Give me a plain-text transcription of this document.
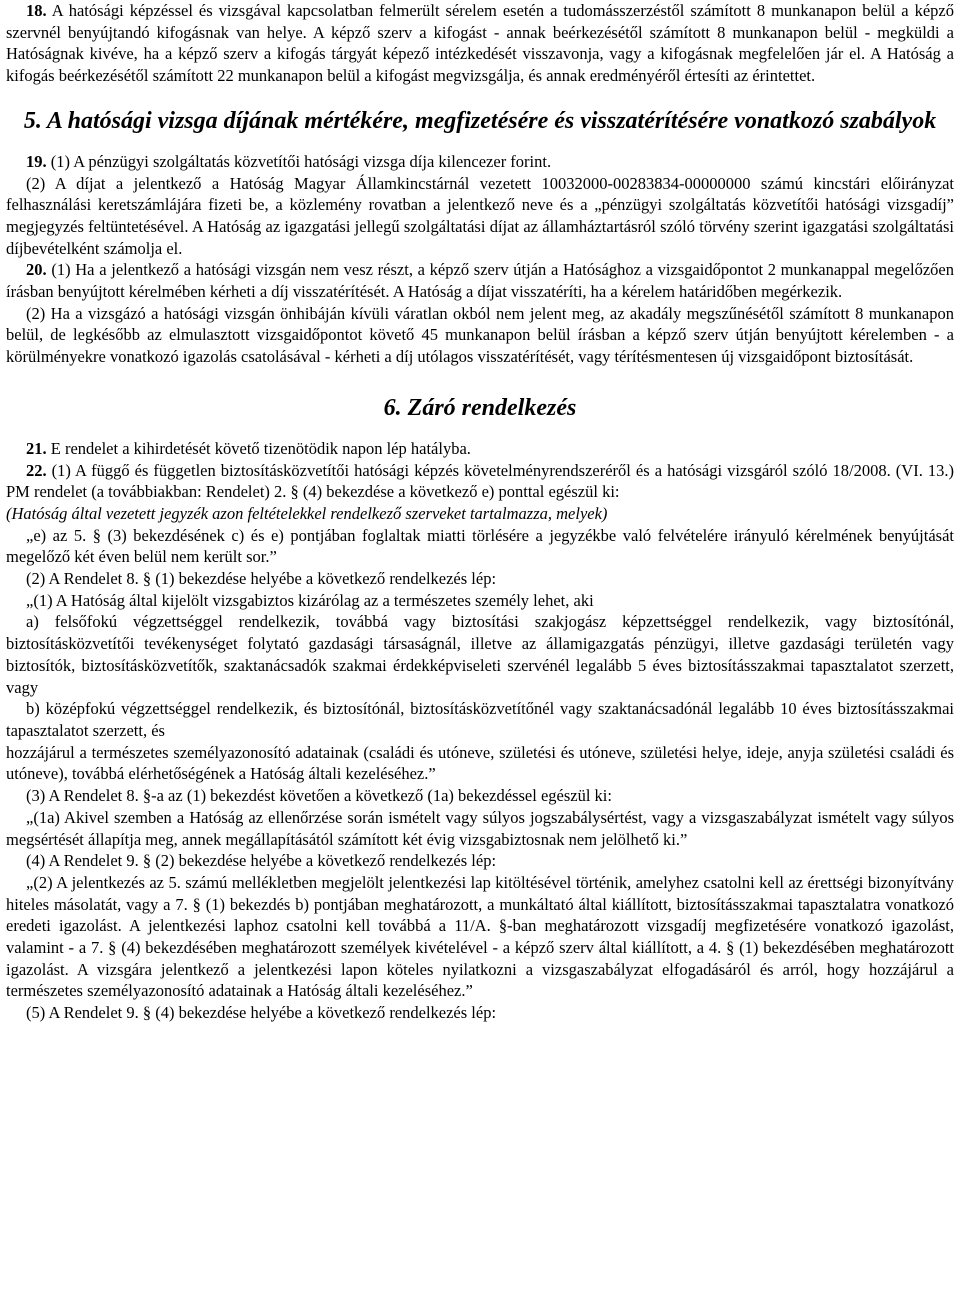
18. A hatósági képzéssel és vizsgával kapcsolatban felmerült sérelem esetén a tudomásszerzéstől számított 8 munkanapon belül a képző szervnél benyújtandó kifogásnak van helye. A képző szerv a kifogást - annak beérkezésétől számított 8 munkanapon belül - megküldi a Hatóságnak kivéve, ha a képző szerv a kifogás tárgyát képező intézkedését visszavonja, vagy a kifogásnak megfelelően jár el. A Hatóság a kifogás beérkezésétől számított 22 munkanapon belül a kifogást megvizsgálja, és annak eredményéről értesíti az érintettet.

5. A hatósági vizsga díjának mértékére, megfizetésére és visszatérítésére vonatkozó szabályok

19. (1) A pénzügyi szolgáltatás közvetítői hatósági vizsga díja kilencezer forint.

(2) A díjat a jelentkező a Hatóság Magyar Államkincstárnál vezetett 10032000-00283834-00000000 számú kincstári előirányzat felhasználási keretszámlájára fizeti be, a közlemény rovatban a jelentkező neve és a „pénzügyi szolgáltatás közvetítői hatósági vizsgadíj” megjegyzés feltüntetésével. A Hatóság az igazgatási jellegű szolgáltatási díjat az államháztartásról szóló törvény szerint igazgatási szolgáltatási díjbevételként számolja el.

20. (1) Ha a jelentkező a hatósági vizsgán nem vesz részt, a képző szerv útján a Hatósághoz a vizsgaidőpontot 2 munkanappal megelőzően írásban benyújtott kérelmében kérheti a díj visszatérítését. A Hatóság a díjat visszatéríti, ha a kérelem határidőben megérkezik.

(2) Ha a vizsgázó a hatósági vizsgán önhibáján kívüli váratlan okból nem jelent meg, az akadály megszűnésétől számított 8 munkanapon belül, de legkésőbb az elmulasztott vizsgaidőpontot követő 45 munkanapon belül írásban a képző szerv útján benyújtott kérelemben - a körülményekre vonatkozó igazolás csatolásával - kérheti a díj utólagos visszatérítését, vagy térítésmentesen új vizsgaidőpont biztosítását.

6. Záró rendelkezés

21. E rendelet a kihirdetését követő tizenötödik napon lép hatályba.

22. (1) A függő és független biztosításközvetítői hatósági képzés követelményrendszeréről és a hatósági vizsgáról szóló 18/2008. (VI. 13.) PM rendelet (a továbbiakban: Rendelet) 2. § (4) bekezdése a következő e) ponttal egészül ki:

(Hatóság által vezetett jegyzék azon feltételekkel rendelkező szerveket tartalmazza, melyek)

„e) az 5. § (3) bekezdésének c) és e) pontjában foglaltak miatti törlésére a jegyzékbe való felvételére irányuló kérelmének benyújtását megelőző két éven belül nem került sor.”

(2) A Rendelet 8. § (1) bekezdése helyébe a következő rendelkezés lép:

„(1) A Hatóság által kijelölt vizsgabiztos kizárólag az a természetes személy lehet, aki

a) felsőfokú végzettséggel rendelkezik, továbbá vagy biztosítási szakjogász képzettséggel rendelkezik, vagy biztosítónál, biztosításközvetítői tevékenységet folytató gazdasági társaságnál, illetve az államigazgatás pénzügyi, illetve gazdasági területén vagy biztosítók, biztosításközvetítők, szaktanácsadók szakmai érdekképviseleti szervénél legalább 5 éves biztosításszakmai tapasztalatot szerzett, vagy

b) középfokú végzettséggel rendelkezik, és biztosítónál, biztosításközvetítőnél vagy szaktanácsadónál legalább 10 éves biztosításszakmai tapasztalatot szerzett, és

hozzájárul a természetes személyazonosító adatainak (családi és utóneve, születési és utóneve, születési helye, ideje, anyja születési családi és utóneve), továbbá elérhetőségének a Hatóság általi kezeléséhez.”

(3) A Rendelet 8. §-a az (1) bekezdést követően a következő (1a) bekezdéssel egészül ki:

„(1a) Akivel szemben a Hatóság az ellenőrzése során ismételt vagy súlyos jogszabálysértést, vagy a vizsgaszabályzat ismételt vagy súlyos megsértését állapítja meg, annek megállapításától számított két évig vizsgabiztosnak nem jelölhető ki.”

(4) A Rendelet 9. § (2) bekezdése helyébe a következő rendelkezés lép:

„(2) A jelentkezés az 5. számú mellékletben megjelölt jelentkezési lap kitöltésével történik, amelyhez csatolni kell az érettségi bizonyítvány hiteles másolatát, vagy a 7. § (1) bekezdés b) pontjában meghatározott, a munkáltató által kiállított, biztosításszakmai tapasztalatra vonatkozó eredeti igazolást. A jelentkezési laphoz csatolni kell továbbá a 11/A. §-ban meghatározott vizsgadíj megfizetésére vonatkozó igazolást, valamint - a 7. § (4) bekezdésében meghatározott személyek kivételével - a képző szerv által kiállított, a 4. § (1) bekezdésében meghatározott igazolást. A vizsgára jelentkező a jelentkezési lapon köteles nyilatkozni a vizsgaszabályzat elfogadásáról és arról, hogy hozzájárul a természetes személyazonosító adatainak a Hatóság általi kezeléséhez.”

(5) A Rendelet 9. § (4) bekezdése helyébe a következő rendelkezés lép:
